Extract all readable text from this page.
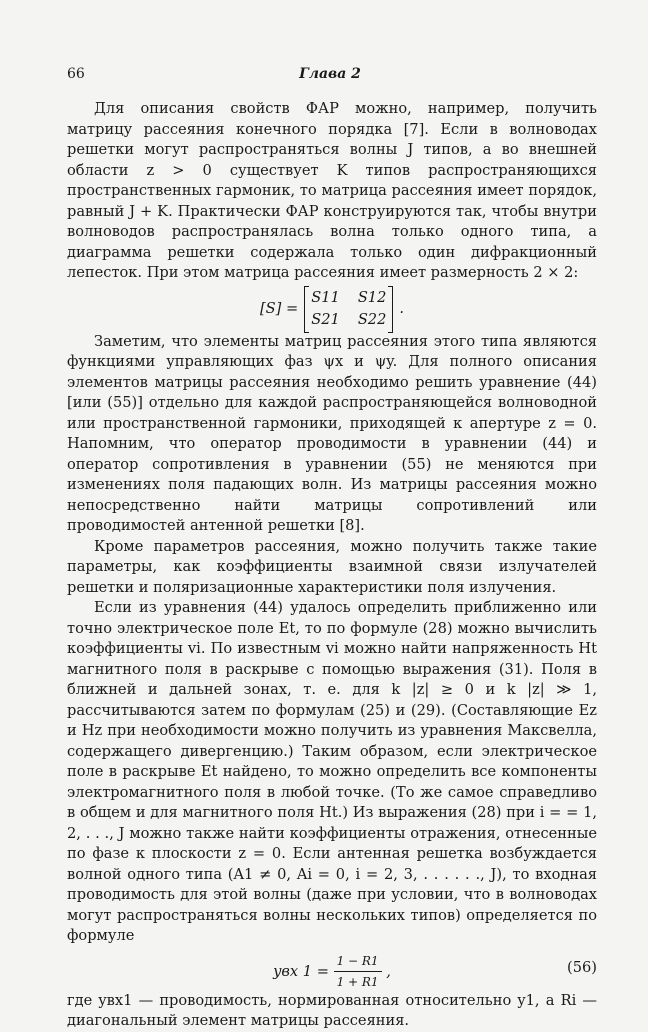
66	Глава 2

Для описания свойств ФАР можно, например, получить матрицу рассеяния конечного порядка [7]. Если в волноводах решетки могут распространяться волны J типов, а во внешней области z > 0 существует K типов распространяющихся пространственных гармоник, то матрица рассеяния имеет порядок, равный J + K. Практически ФАР конструируются так, чтобы внутри волноводов распространялась волна только одного типа, а диаграмма решетки содержала только один дифракционный лепесток. При этом матрица рассеяния имеет размерность 2 × 2:

[S] =
S11 S12
S21 S22
.

Заметим, что элементы матриц рассеяния этого типа являются функциями управляющих фаз ψx и ψy. Для полного описания элементов матрицы рассеяния необходимо решить уравнение (44) [или (55)] отдельно для каждой распространяющейся волноводной или пространственной гармоники, приходящей к апертуре z = 0. Напомним, что оператор проводимости в уравнении (44) и оператор сопротивления в уравнении (55) не меняются при изменениях поля падающих волн. Из матрицы рассеяния можно непосредственно найти матрицы сопротивлений или проводимостей антенной решетки [8].

Кроме параметров рассеяния, можно получить также такие параметры, как коэффициенты взаимной связи излучателей решетки и поляризационные характеристики поля излучения.

Если из уравнения (44) удалось определить приближенно или точно электрическое поле Et, то по формуле (28) можно вычислить коэффициенты vi. По известным vi можно найти напряженность Ht магнитного поля в раскрыве с помощью выражения (31). Поля в ближней и дальней зонах, т. е. для k |z| ≥ 0 и k |z| ≫ 1, рассчитываются затем по формулам (25) и (29). (Составляющие Ez и Hz при необходимости можно получить из уравнения Максвелла, содержащего дивергенцию.) Таким образом, если электрическое поле в раскрыве Et найдено, то можно определить все компоненты электромагнитного поля в любой точке. (То же самое справедливо в общем и для магнитного поля Ht.) Из выражения (28) при i = = 1, 2, . . ., J можно также найти коэффициенты отражения, отнесенные по фазе к плоскости z = 0. Если антенная решетка возбуждается волной одного типа (A1 ≠ 0, Ai = 0, i = 2, 3, . . . . . ., J), то входная проводимость для этой волны (даже при условии, что в волноводах могут распространяться волны нескольких типов) определяется по формуле

yвх $1 = \frac{1 - R1}{1 + R1}$ ,	(56)

где yвх1 — проводимость, нормированная относительно y1, а Ri — диагональный элемент матрицы рассеяния.
